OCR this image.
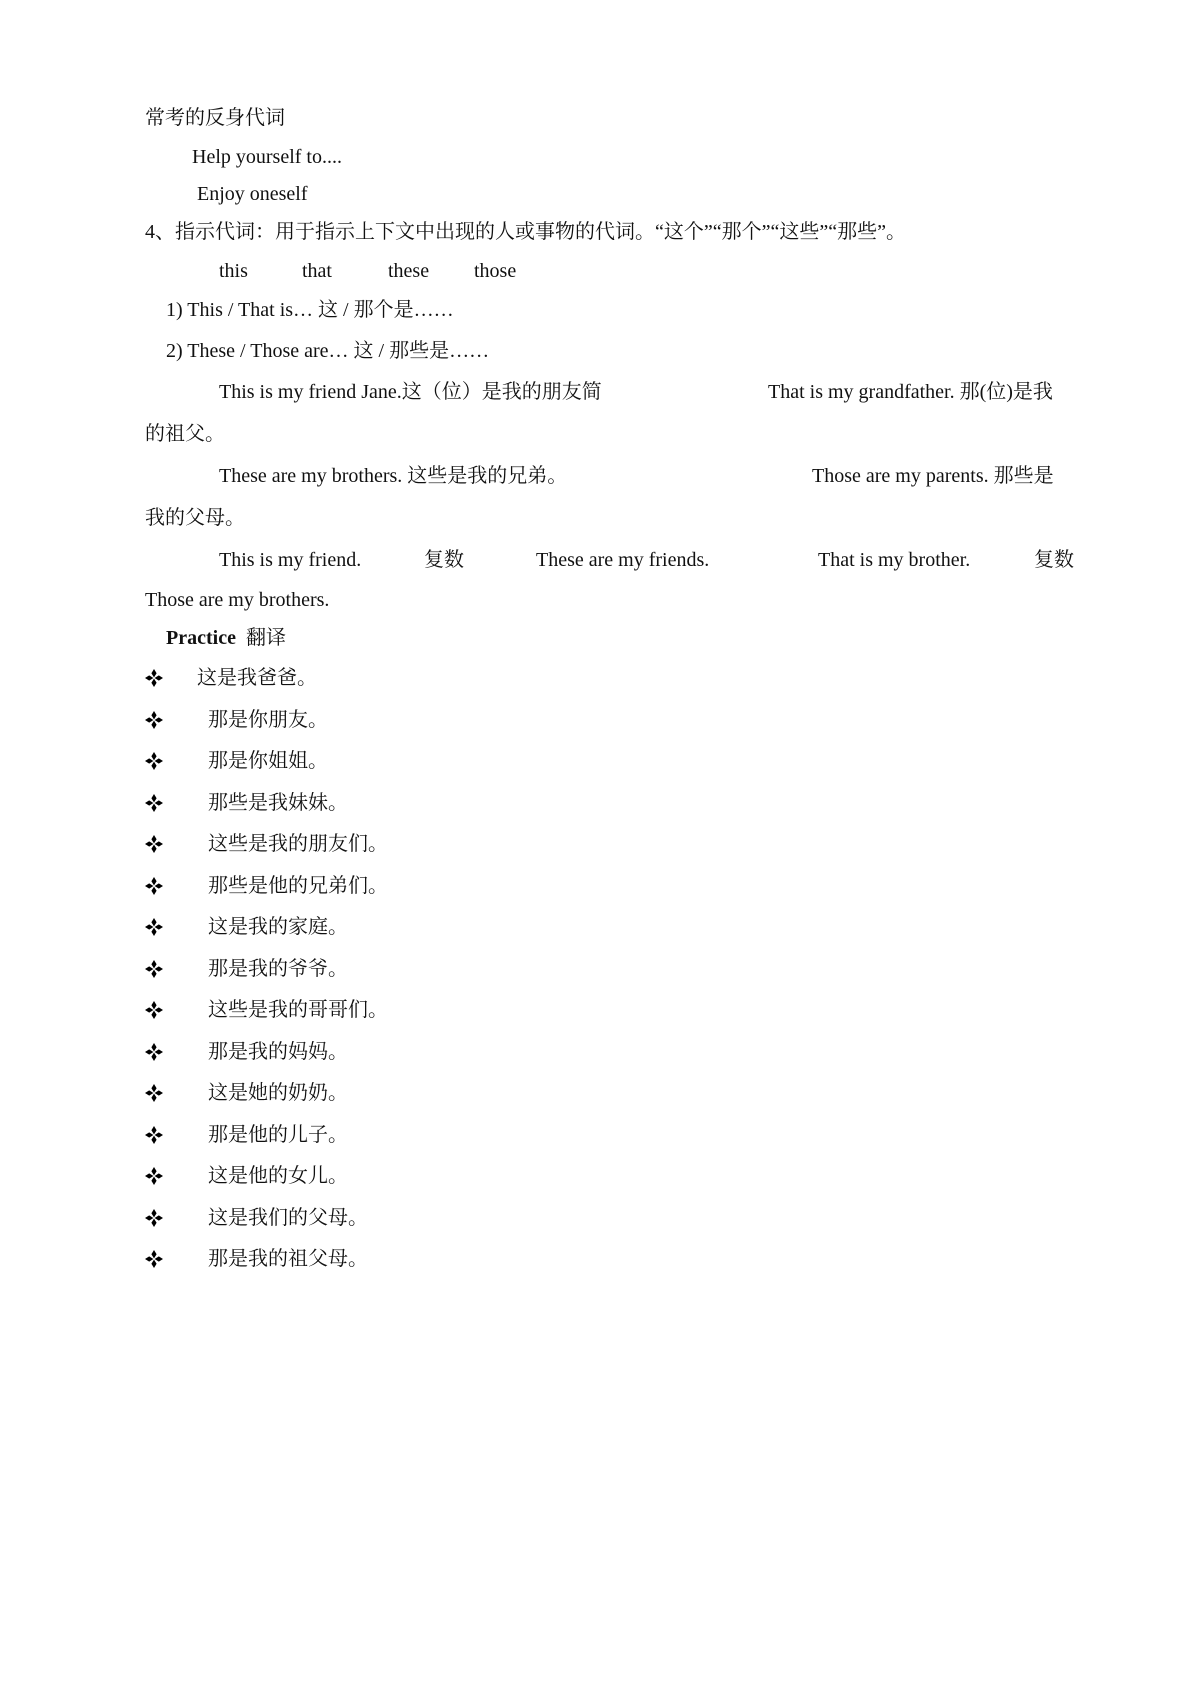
常考的反身代词
Help yourself to....
Enjoy oneself
4、指示代词：用于指示上下文中出现的人或事物的代词。“这个”“那个”“这些”“那些”。
this	that	these those
1) This / That is… 这 / 那个是……
2) These / Those are… 这 / 那些是……
This is my friend Jane.这（位）是我的朋友简	That is my grandfather. 那(位)是我
的祖父。
These are my brothers. 这些是我的兄弟。	Those are my parents. 那些是
我的父母。
This is my friend.	复数	These are my friends.	That is my brother.	复数
Those are my brothers.
Practice 翻译
这是我爸爸。
那是你朋友。
那是你姐姐。
那些是我妹妹。
这些是我的朋友们。
那些是他的兄弟们。
这是我的家庭。
那是我的爷爷。
这些是我的哥哥们。
那是我的妈妈。
这是她的奶奶。
那是他的儿子。
这是他的女儿。
这是我们的父母。
那是我的祖父母。
